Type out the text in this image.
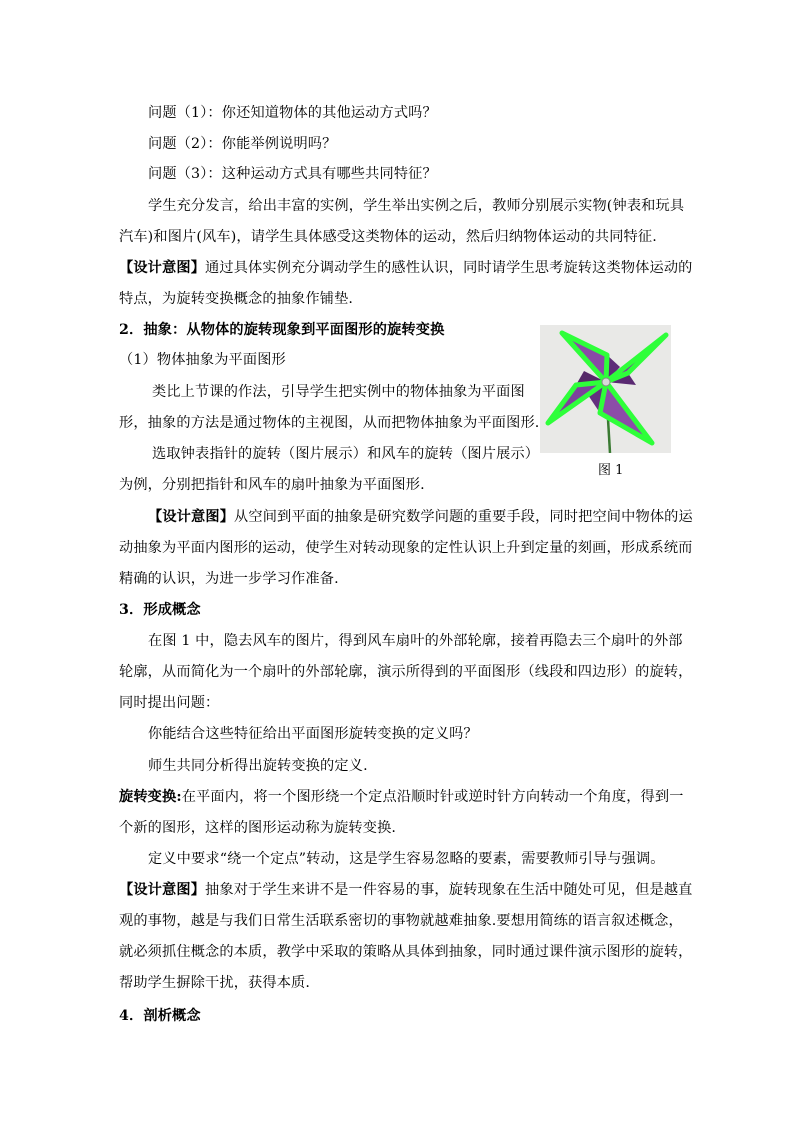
问题（1）：你还知道物体的其他运动方式吗？
问题（2）：你能举例说明吗？
问题（3）：这种运动方式具有哪些共同特征？
学生充分发言，给出丰富的实例，学生举出实例之后，教师分别展示实物(钟表和玩具
汽车)和图片(风车)，请学生具体感受这类物体的运动，然后归纳物体运动的共同特征.
【设计意图】通过具体实例充分调动学生的感性认识，同时请学生思考旋转这类物体运动的
特点，为旋转变换概念的抽象作铺垫.
2．抽象：从物体的旋转现象到平面图形的旋转变换
（1）物体抽象为平面图形
类比上节课的作法，引导学生把实例中的物体抽象为平面图
形，抽象的方法是通过物体的主视图，从而把物体抽象为平面图形.
选取钟表指针的旋转（图片展示）和风车的旋转（图片展示）
为例，分别把指针和风车的扇叶抽象为平面图形.
图 1
【设计意图】从空间到平面的抽象是研究数学问题的重要手段，同时把空间中物体的运
动抽象为平面内图形的运动，使学生对转动现象的定性认识上升到定量的刻画，形成系统而
精确的认识，为进一步学习作准备.
3．形成概念
在图 1 中，隐去风车的图片，得到风车扇叶的外部轮廓，接着再隐去三个扇叶的外部
轮廓，从而简化为一个扇叶的外部轮廓，演示所得到的平面图形（线段和四边形）的旋转，
同时提出问题：
你能结合这些特征给出平面图形旋转变换的定义吗？
师生共同分析得出旋转变换的定义.
旋转变换:在平面内，将一个图形绕一个定点沿顺时针或逆时针方向转动一个角度，得到一
个新的图形，这样的图形运动称为旋转变换.
定义中要求“绕一个定点”转动，这是学生容易忽略的要素，需要教师引导与强调。
【设计意图】抽象对于学生来讲不是一件容易的事，旋转现象在生活中随处可见，但是越直
观的事物，越是与我们日常生活联系密切的事物就越难抽象.要想用简练的语言叙述概念，
就必须抓住概念的本质，教学中采取的策略从具体到抽象，同时通过课件演示图形的旋转，
帮助学生摒除干扰，获得本质.
4．剖析概念
